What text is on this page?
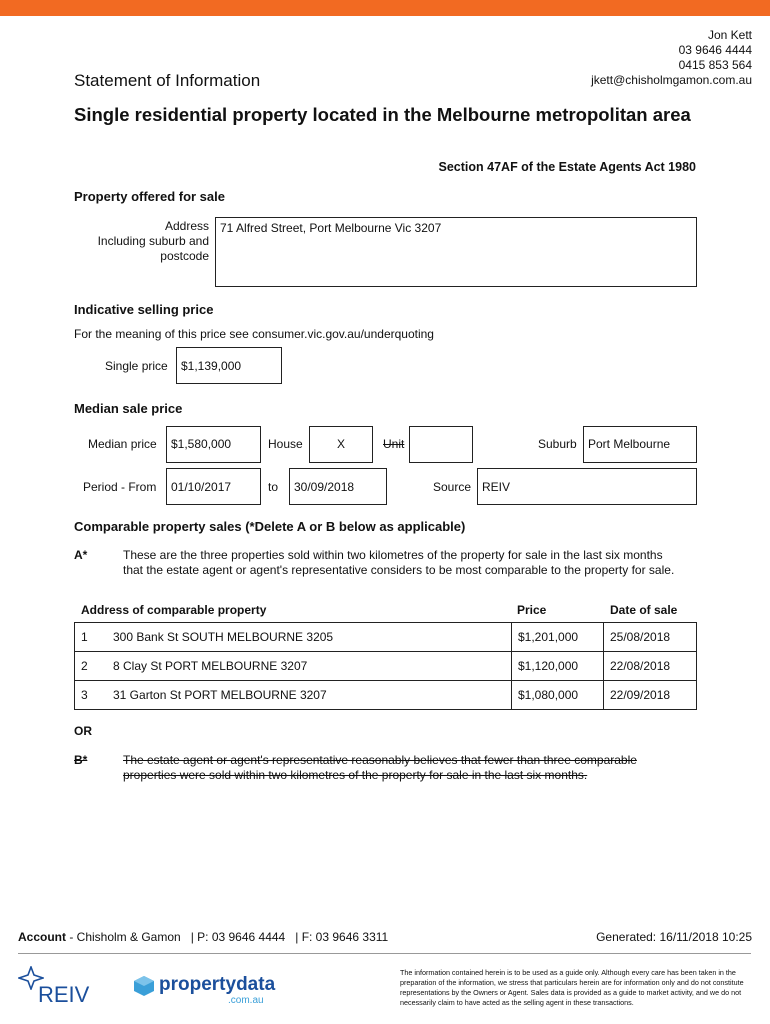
Jon Kett
03 9646 4444
0415 853 564
jkett@chisholmgamon.com.au
Statement of Information
Single residential property located in the Melbourne metropolitan area
Section 47AF of the Estate Agents Act 1980
Property offered for sale
Address
Including suburb and
postcode
71 Alfred Street, Port Melbourne Vic 3207
Indicative selling price
For the meaning of this price see consumer.vic.gov.au/underquoting
Single price	$1,139,000
Median sale price
Median price	$1,580,000	House	X	Unit	Suburb Port Melbourne
Period - From	01/10/2017	to	30/09/2018	Source REIV
Comparable property sales (*Delete A or B below as applicable)
A*	These are the three properties sold within two kilometres of the property for sale in the last six months that the estate agent or agent's representative considers to be most comparable to the property for sale.
Address of comparable property	Price	Date of sale
1	300 Bank St SOUTH MELBOURNE 3205	$1,201,000	25/08/2018
2	8 Clay St PORT MELBOURNE 3207	$1,120,000	22/08/2018
3	31 Garton St PORT MELBOURNE 3207	$1,080,000	22/09/2018
OR
B*	The estate agent or agent's representative reasonably believes that fewer than three comparable properties were sold within two kilometres of the property for sale in the last six months.
Account - Chisholm & Gamon   | P: 03 9646 4444   | F: 03 9646 3311	Generated: 16/11/2018 10:25
REIV	propertydata
.com.au
The information contained herein is to be used as a guide only. Although every care has been taken in the preparation of the information, we stress that particulars herein are for information only and do not constitute representations by the Owners or Agent. Sales data is provided as a guide to market activity, and we do not necessarily claim to have acted as the selling agent in these transactions.
